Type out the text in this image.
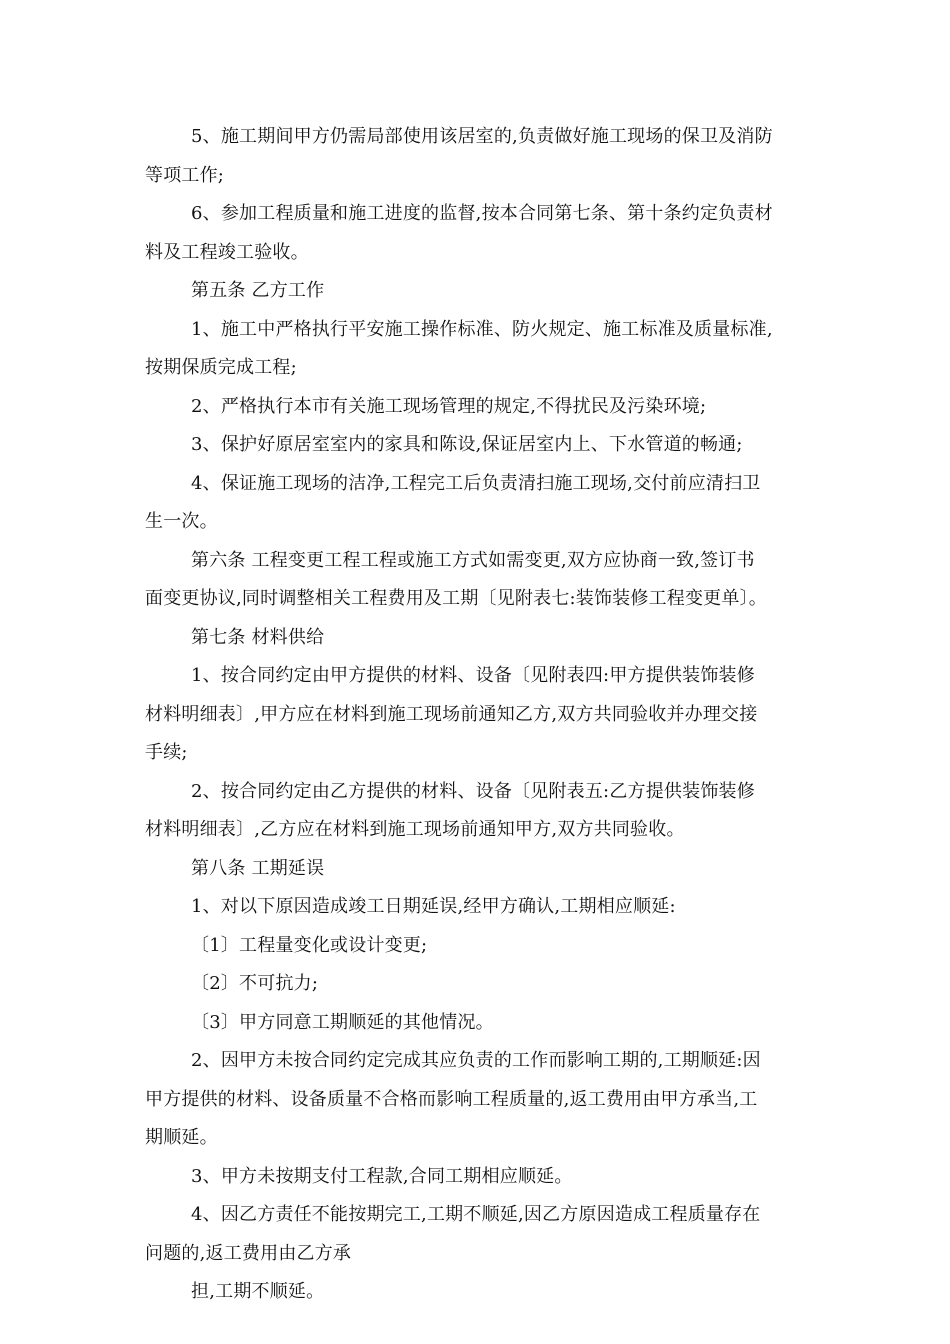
5、施工期间甲方仍需局部使用该居室的,负责做好施工现场的保卫及消防
等项工作;
6、参加工程质量和施工进度的监督,按本合同第七条、第十条约定负责材
料及工程竣工验收。
第五条 乙方工作
1、施工中严格执行平安施工操作标准、防火规定、施工标准及质量标准,
按期保质完成工程;
2、严格执行本市有关施工现场管理的规定,不得扰民及污染环境;
3、保护好原居室室内的家具和陈设,保证居室内上、下水管道的畅通;
4、保证施工现场的洁净,工程完工后负责清扫施工现场,交付前应清扫卫
生一次。
第六条 工程变更工程工程或施工方式如需变更,双方应协商一致,签订书
面变更协议,同时调整相关工程费用及工期〔见附表七:装饰装修工程变更单〕。
第七条 材料供给
1、按合同约定由甲方提供的材料、设备〔见附表四:甲方提供装饰装修
材料明细表〕,甲方应在材料到施工现场前通知乙方,双方共同验收并办理交接
手续;
2、按合同约定由乙方提供的材料、设备〔见附表五:乙方提供装饰装修
材料明细表〕,乙方应在材料到施工现场前通知甲方,双方共同验收。
第八条 工期延误
1、对以下原因造成竣工日期延误,经甲方确认,工期相应顺延:
〔1〕工程量变化或设计变更;
〔2〕不可抗力;
〔3〕甲方同意工期顺延的其他情况。
2、因甲方未按合同约定完成其应负责的工作而影响工期的,工期顺延:因
甲方提供的材料、设备质量不合格而影响工程质量的,返工费用由甲方承当,工
期顺延。
3、甲方未按期支付工程款,合同工期相应顺延。
4、因乙方责任不能按期完工,工期不顺延,因乙方原因造成工程质量存在
问题的,返工费用由乙方承
担,工期不顺延。
